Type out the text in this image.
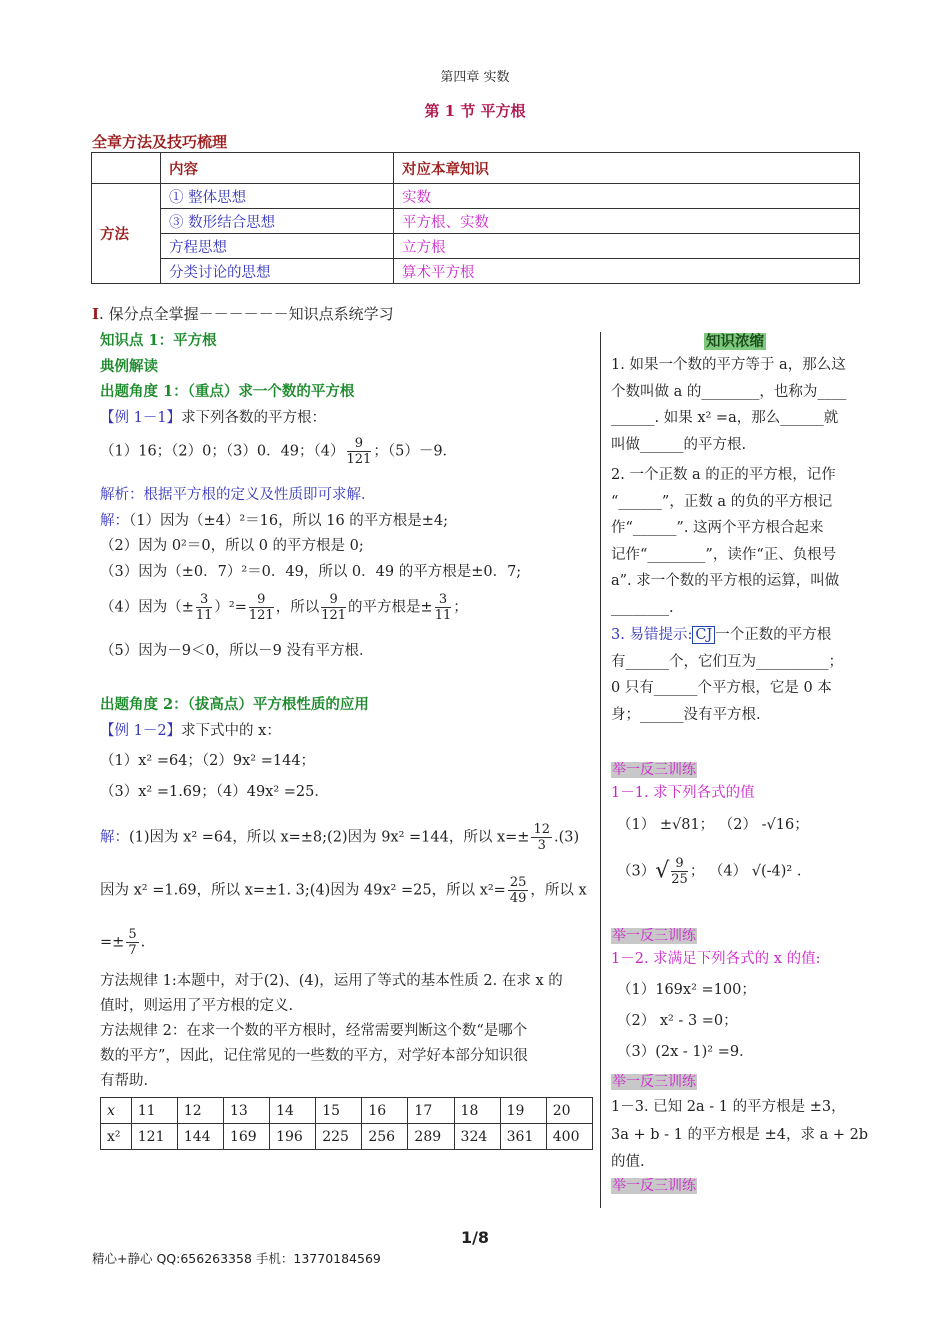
第四章 实数
第 1 节 平方根
全章方法及技巧梳理
	内容	对应本章知识
方法	① 整体思想	实数
	③ 数形结合思想	平方根、实数
	方程思想	立方根
	分类讨论的思想	算术平方根
I. 保分点全掌握－－－－－－知识点系统学习
知识点 1：平方根
典例解读
出题角度 1：（重点）求一个数的平方根
【例 1－1】求下列各数的平方根：
（1）16；（2）0；（3）0．49；$(4) \frac{9}{121}$ ；（5）－9．
解析：根据平方根的定义及性质即可求解．
解：（1）因为（±4）²＝16，所以 16 的平方根是±4;
（2）因为 0²＝0，所以 0 的平方根是 0;
（3）因为（±0．7）²＝0．49，所以 0．49 的平方根是±0．7;
（4）因为（± $\frac{3}{11} )^2= \frac{9}{121}$ ，所以 $\frac{9}{121}$ 的平方根是± $\frac{3}{11}$ ；
（5）因为－9＜0，所以－9 没有平方根．
出题角度 2：（拔高点）平方根性质的应用
【例 1－2】求下式中的 x：
（1）x² =64；（2）9x² =144；
（3）x² =1.69；（4）49x² =25．
解：(1)因为 x² =64，所以 x=±8;(2)因为 9x² =144，所以 $x=\pm \frac{12}{3} .(3)$
因为 x² =1.69，所以 x=±1. 3;(4)因为 49x² =25，所以 $x^2= \frac{25}{49}$ ，所以 x
=± $\frac{5}{7}$ .
方法规律 1:本题中，对于(2)、(4)，运用了等式的基本性质 2. 在求 x 的
值时，则运用了平方根的定义.
方法规律 2：在求一个数的平方根时，经常需要判断这个数“是哪个
数的平方”，因此，记住常见的一些数的平方，对学好本部分知识很
有帮助．
x	11	12	13	14	15	16	17	18	19	20
x²	121	144	169	196	225	256	289	324	361	400
知识浓缩
1. 如果一个数的平方等于 a，那么这
个数叫做 a 的________，也称为____
______. 如果 x² =a，那么______就
叫做______的平方根.
2. 一个正数 a 的正的平方根，记作
“______”，正数 a 的负的平方根记
作“______”. 这两个平方根合起来
记作“________”，读作“正、负根号
a”. 求一个数的平方根的运算，叫做
________.
3. 易错提示: CJ 一个正数的平方根
有______个，它们互为__________；
0 只有______个平方根，它是 0 本
身；______没有平方根.
举一反三训练
1－1. 求下列各式的值
（1） ±√81； （2） -√16；
$(3)√ \frac{9}{25}$ ； （4） √(-4)² .
举一反三训练
1－2. 求满足下列各式的 x 的值:
（1）169x² =100；
（2） x² - 3 =0；
（3）(2x - 1)² =9．
举一反三训练
1－3. 已知 2a - 1 的平方根是 ±3，
3a + b - 1 的平方根是 ±4，求 a + 2b
的值.
举一反三训练
1/8
精心+静心 QQ:656263358 手机：13770184569
